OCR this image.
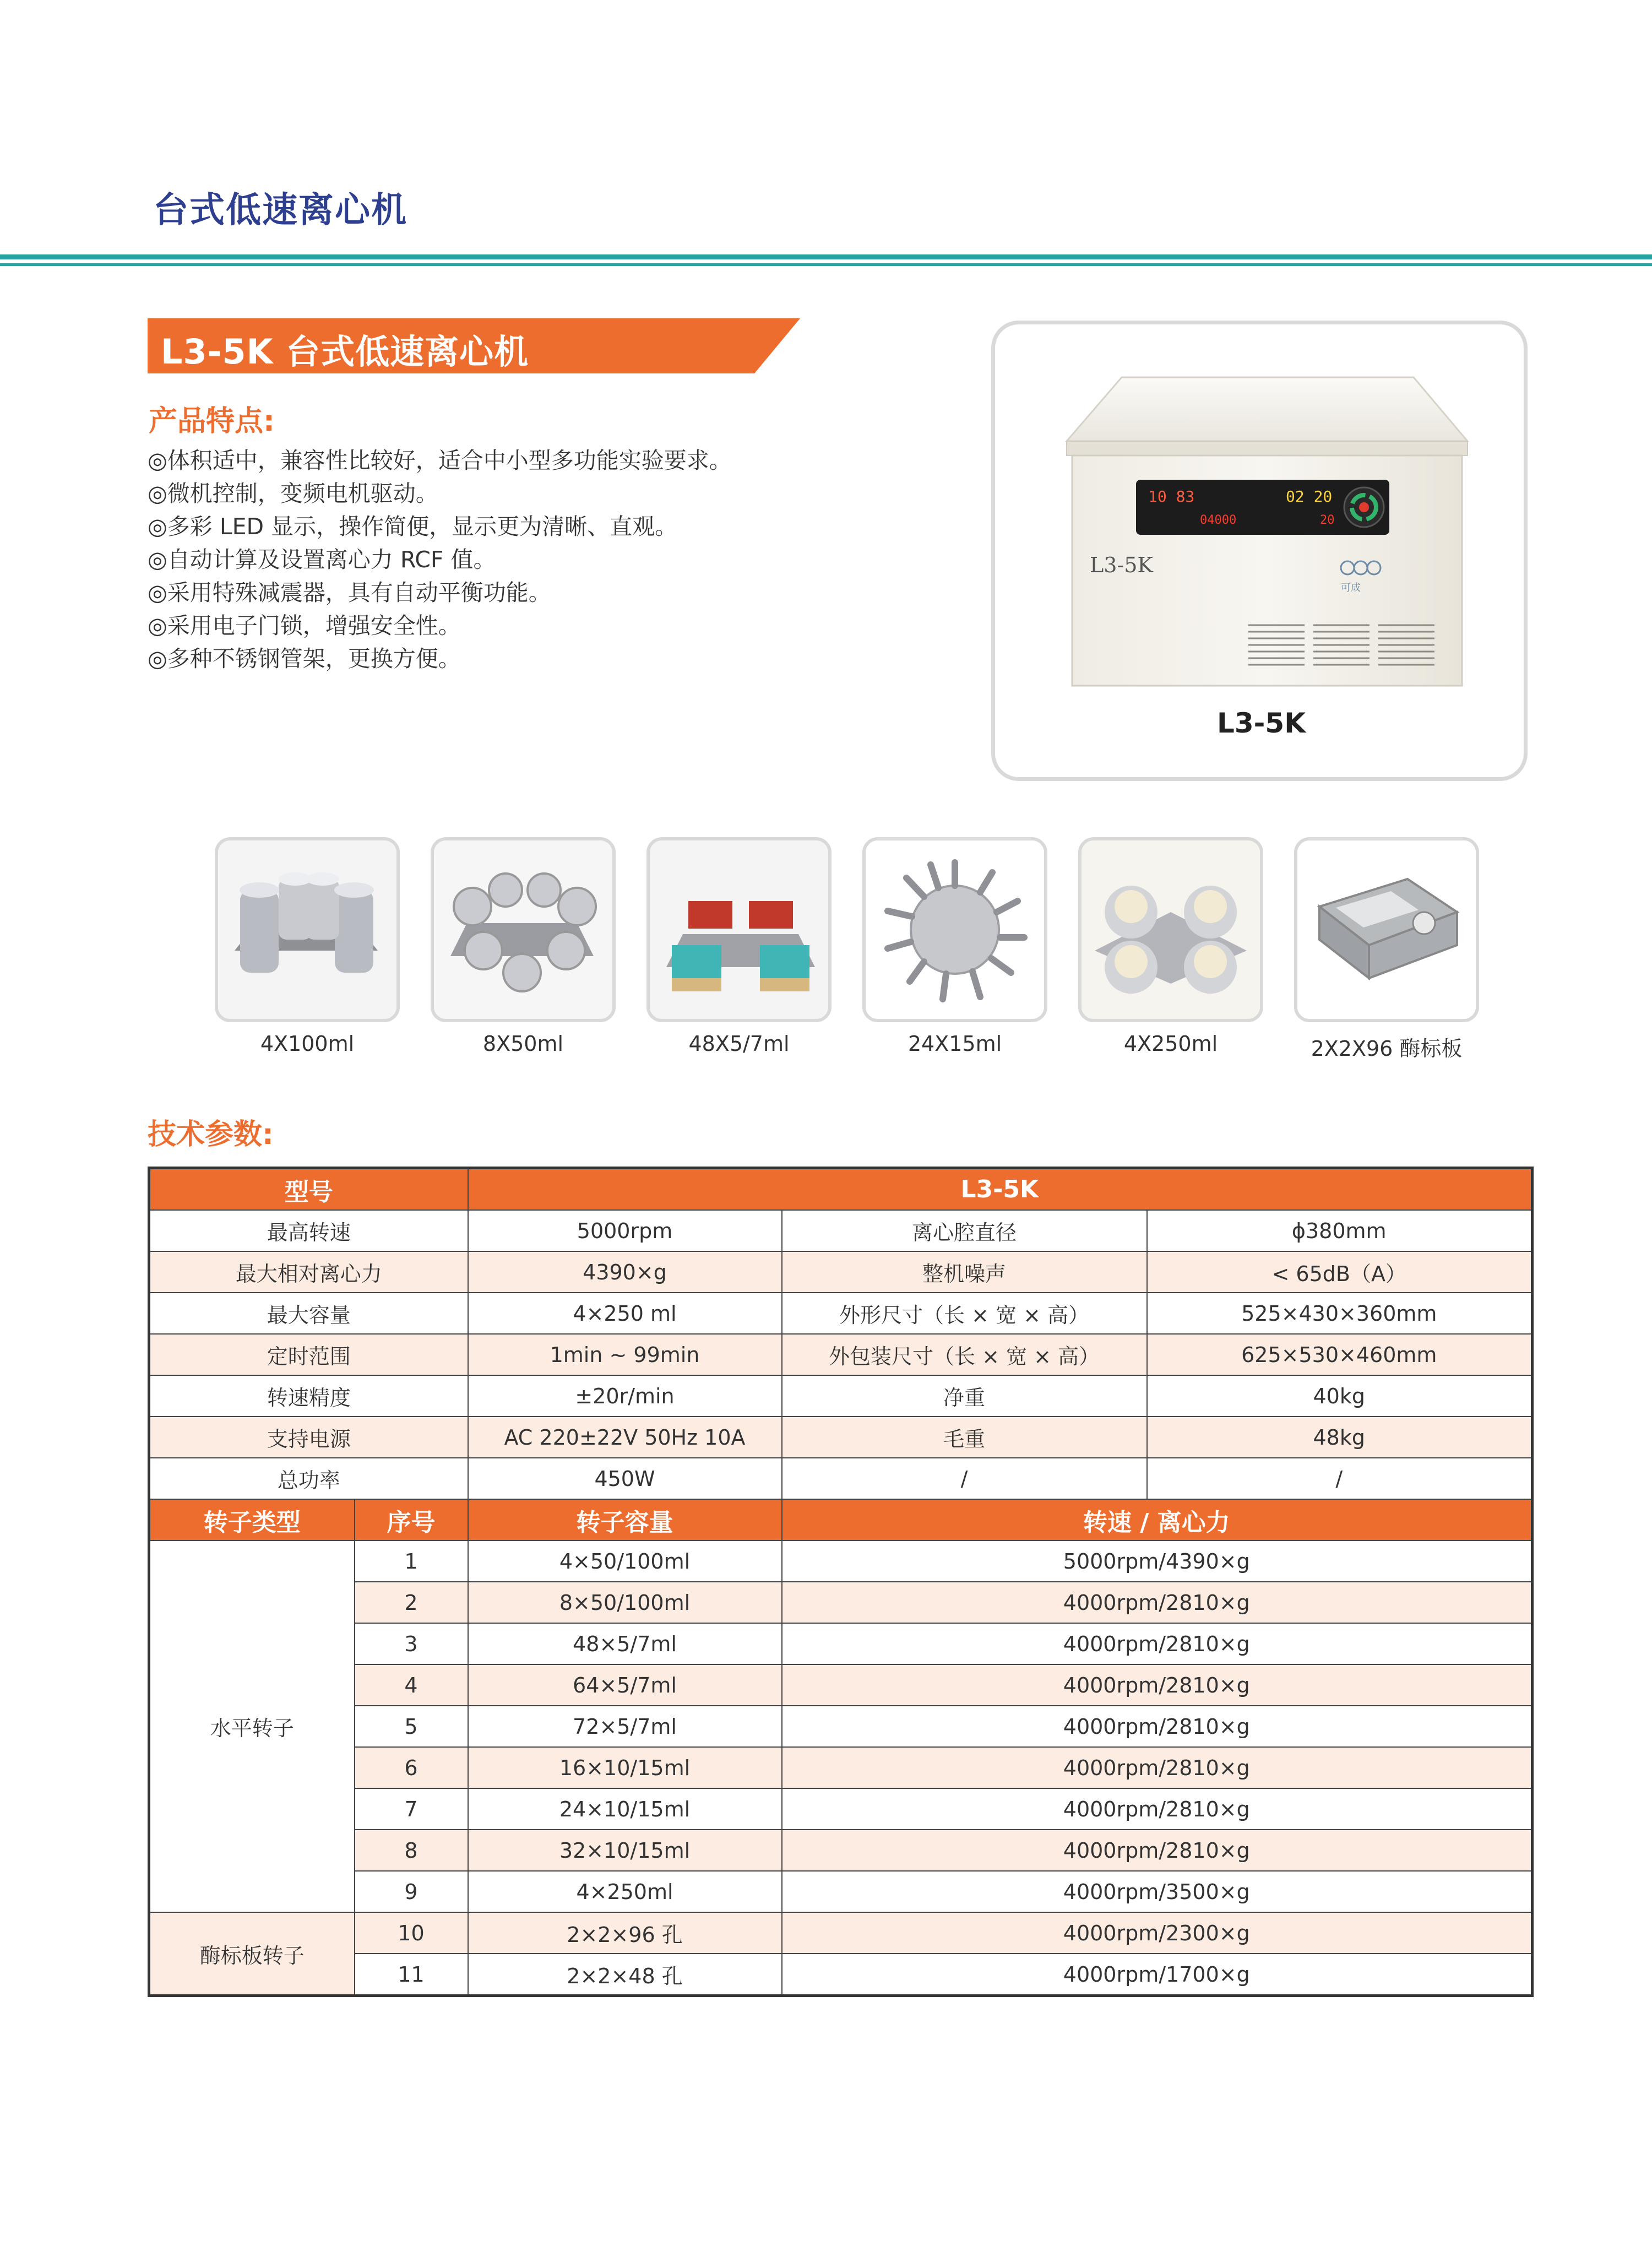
台式低速离心机
L3-5K 台式低速离心机
产品特点:
◎ 体积适中，兼容性比较好，适合中小型多功能实验要求。
◎ 微机控制，变频电机驱动。
◎ 多彩 LED 显示，操作简便，显示更为清晰、直观。
◎ 自动计算及设置离心力 RCF 值。
◎ 采用特殊减震器，具有自动平衡功能。
◎ 采用电子门锁，增强安全性。
◎ 多种不锈钢管架，更换方便。
10 83
04000
02 20
20
L3-5K
可成
L3-5K
4X100ml	8X50ml	48X5/7ml	24X15ml	4X250ml	2X2X96 酶标板
技术参数:
型号		L3-5K		
最高转速		5000rpm	离心腔直径	ϕ380mm
最大相对离心力		4390×g	整机噪声	< 65dB（A）
最大容量		4×250 ml	外形尺寸（长 × 宽 × 高）	525×430×360mm
定时范围		1min ~ 99min	外包装尺寸（长 × 宽 × 高）	625×530×460mm
转速精度		±20r/min	净重	40kg
支持电源		AC 220±22V 50Hz 10A	毛重	48kg
总功率		450W	/	/
转子类型	序号	转子容量	转速 / 离心力	
水平转子	1	4×50/100ml	5000rpm/4390×g	
	2	8×50/100ml	4000rpm/2810×g	
	3	48×5/7ml	4000rpm/2810×g	
	4	64×5/7ml	4000rpm/2810×g	
	5	72×5/7ml	4000rpm/2810×g	
	6	16×10/15ml	4000rpm/2810×g	
	7	24×10/15ml	4000rpm/2810×g	
	8	32×10/15ml	4000rpm/2810×g	
	9	4×250ml	4000rpm/3500×g	
酶标板转子	10	2×2×96 孔	4000rpm/2300×g	
	11	2×2×48 孔	4000rpm/1700×g	
